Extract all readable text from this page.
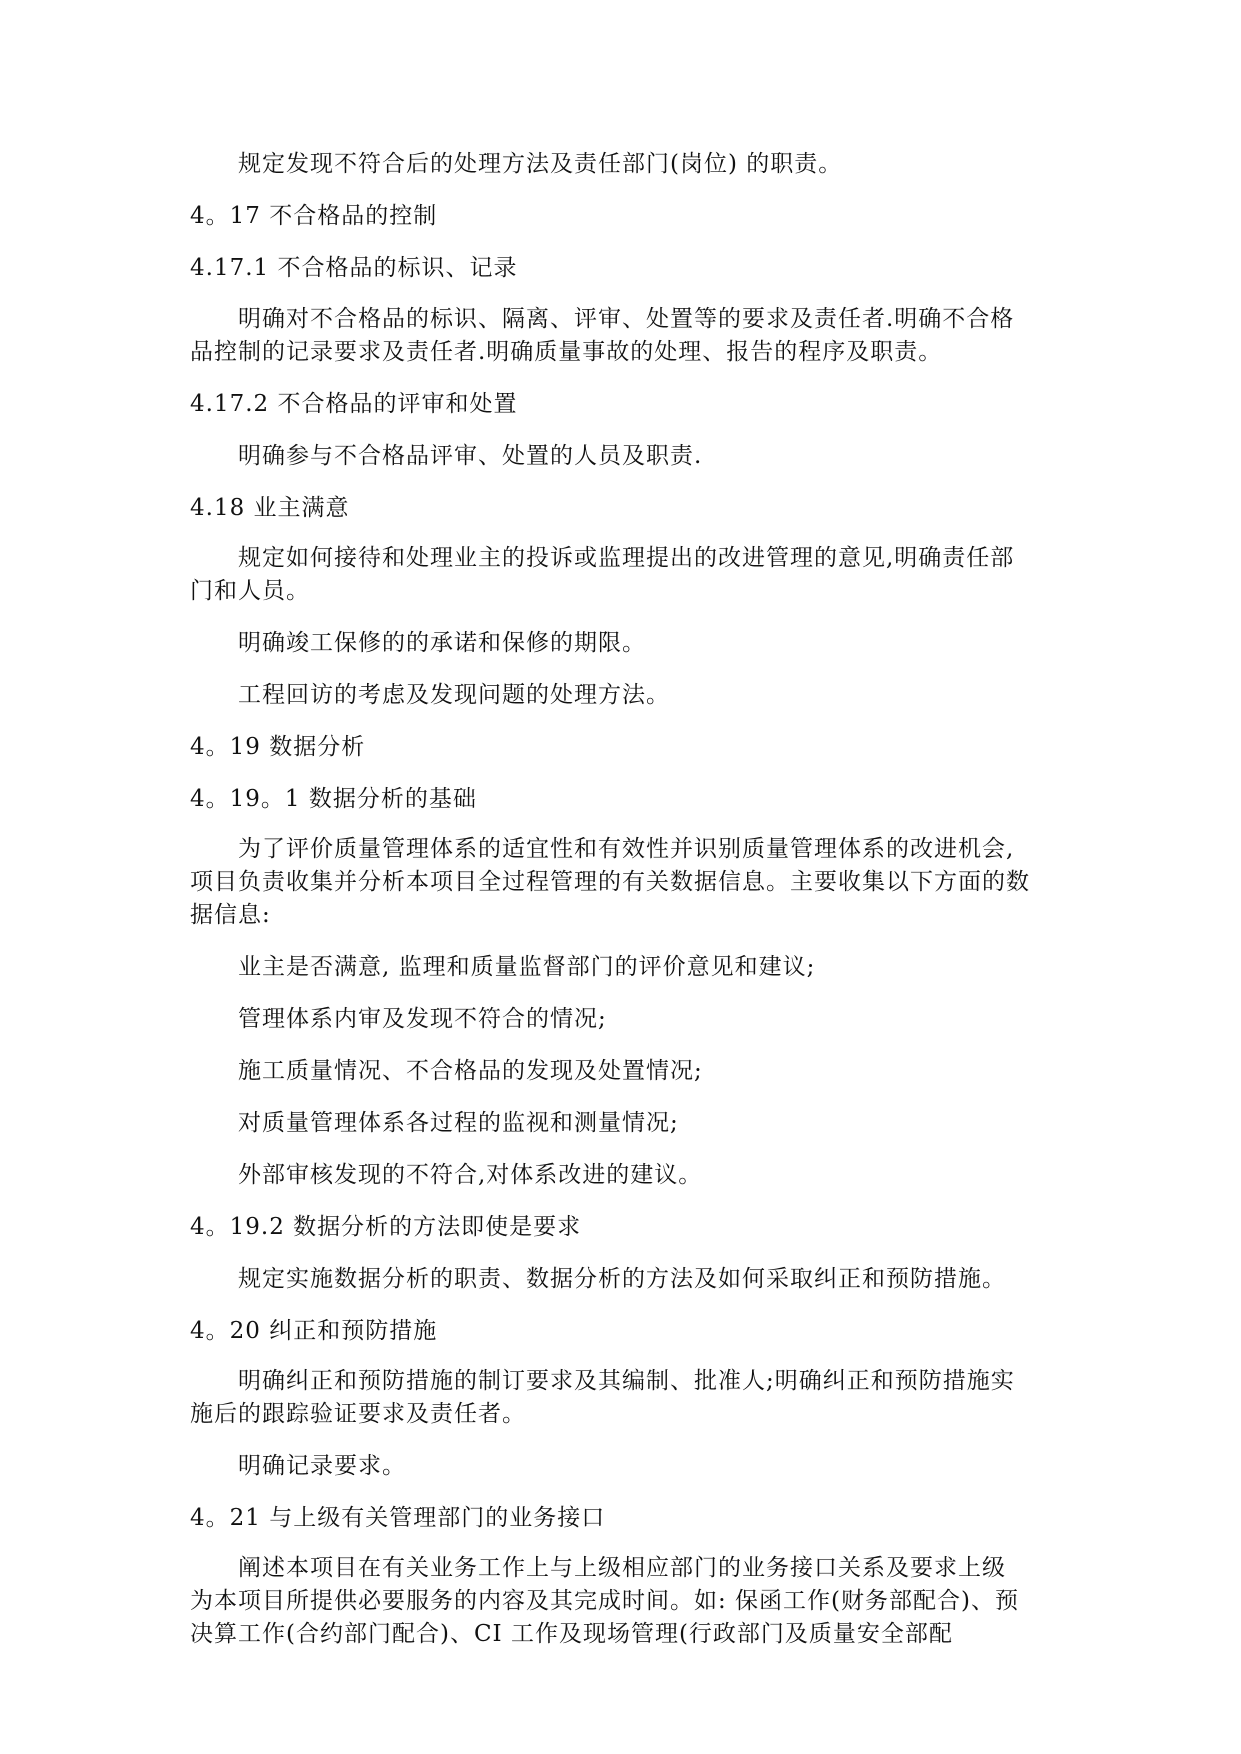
规定发现不符合后的处理方法及责任部门(岗位) 的职责。
4。17 不合格品的控制
4.17.1 不合格品的标识、记录
明确对不合格品的标识、隔离、评审、处置等的要求及责任者.明确不合格
品控制的记录要求及责任者.明确质量事故的处理、报告的程序及职责。
4.17.2 不合格品的评审和处置
明确参与不合格品评审、处置的人员及职责.
4.18 业主满意
规定如何接待和处理业主的投诉或监理提出的改进管理的意见,明确责任部
门和人员。
明确竣工保修的的承诺和保修的期限。
工程回访的考虑及发现问题的处理方法。
4。19 数据分析
4。19。1 数据分析的基础
为了评价质量管理体系的适宜性和有效性并识别质量管理体系的改进机会,
项目负责收集并分析本项目全过程管理的有关数据信息。主要收集以下方面的数
据信息:
业主是否满意, 监理和质量监督部门的评价意见和建议;
管理体系内审及发现不符合的情况;
施工质量情况、不合格品的发现及处置情况;
对质量管理体系各过程的监视和测量情况;
外部审核发现的不符合,对体系改进的建议。
4。19.2 数据分析的方法即使是要求
规定实施数据分析的职责、数据分析的方法及如何采取纠正和预防措施。
4。20 纠正和预防措施
明确纠正和预防措施的制订要求及其编制、批准人;明确纠正和预防措施实
施后的跟踪验证要求及责任者。
明确记录要求。
4。21 与上级有关管理部门的业务接口
阐述本项目在有关业务工作上与上级相应部门的业务接口关系及要求上级
为本项目所提供必要服务的内容及其完成时间。如: 保函工作(财务部配合)、预
决算工作(合约部门配合)、CI 工作及现场管理(行政部门及质量安全部配
